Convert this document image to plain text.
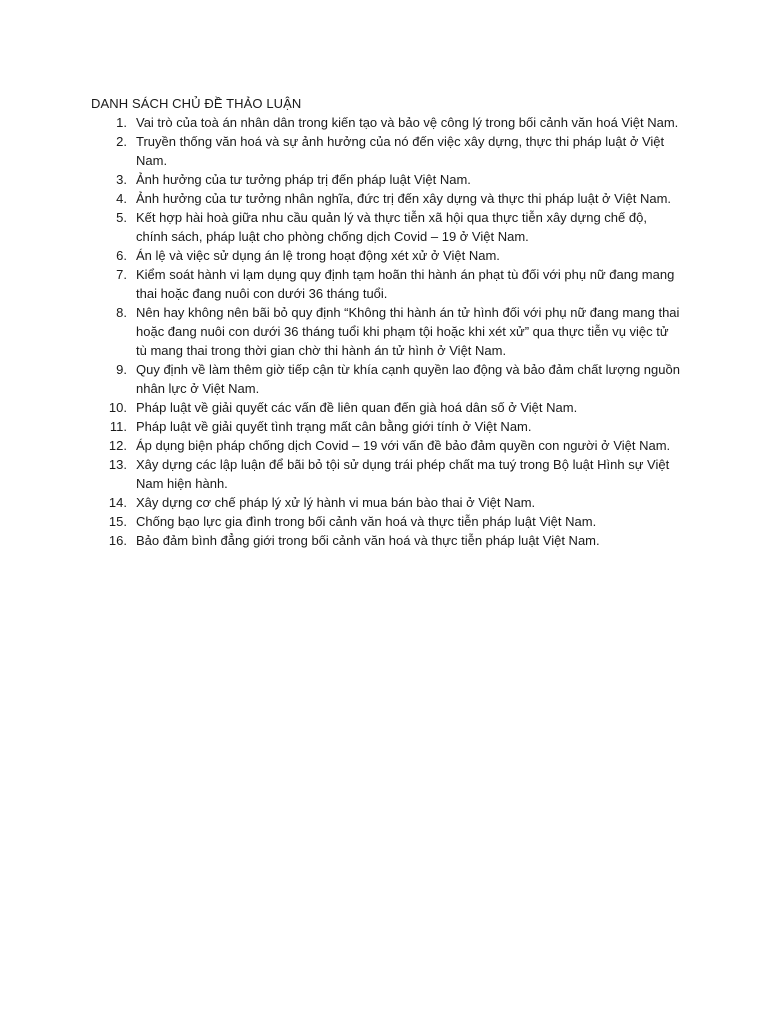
DANH SÁCH CHỦ ĐỀ THẢO LUẬN

1. Vai trò của toà án nhân dân trong kiến tạo và bảo vệ công lý trong bối cảnh văn hoá Việt Nam.
2. Truyền thống văn hoá và sự ảnh hưởng của nó đến việc xây dựng, thực thi pháp luật ở Việt Nam.
3. Ảnh hưởng của tư tưởng pháp trị đến pháp luật Việt Nam.
4. Ảnh hưởng của tư tưởng nhân nghĩa, đức trị đến xây dựng và thực thi pháp luật ở Việt Nam.
5. Kết hợp hài hoà giữa nhu cầu quản lý và thực tiễn xã hội qua thực tiễn xây dựng chế độ, chính sách, pháp luật cho phòng chống dịch Covid – 19 ở Việt Nam.
6. Án lệ và việc sử dụng án lệ trong hoạt động xét xử ở Việt Nam.
7. Kiểm soát hành vi lạm dụng quy định tạm hoãn thi hành án phạt tù đối với phụ nữ đang mang thai hoặc đang nuôi con dưới 36 tháng tuổi.
8. Nên hay không nên bãi bỏ quy định “Không thi hành án tử hình đối với phụ nữ đang mang thai hoặc đang nuôi con dưới 36 tháng tuổi khi phạm tội hoặc khi xét xử” qua thực tiễn vụ việc tử tù mang thai trong thời gian chờ thi hành án tử hình ở Việt Nam.
9. Quy định về làm thêm giờ tiếp cận từ khía cạnh quyền lao động và bảo đảm chất lượng nguồn nhân lực ở Việt Nam.
10. Pháp luật về giải quyết các vấn đề liên quan đến già hoá dân số ở Việt Nam.
11. Pháp luật về giải quyết tình trạng mất cân bằng giới tính ở Việt Nam.
12. Áp dụng biện pháp chống dịch Covid – 19 với vấn đề bảo đảm quyền con người ở Việt Nam.
13. Xây dựng các lập luận để bãi bỏ tội sử dụng trái phép chất ma tuý trong Bộ luật Hình sự Việt Nam hiện hành.
14. Xây dựng cơ chế pháp lý xử lý hành vi mua bán bào thai ở Việt Nam.
15. Chống bạo lực gia đình trong bối cảnh văn hoá và thực tiễn pháp luật Việt Nam.
16. Bảo đảm bình đẳng giới trong bối cảnh văn hoá và thực tiễn pháp luật Việt Nam.
